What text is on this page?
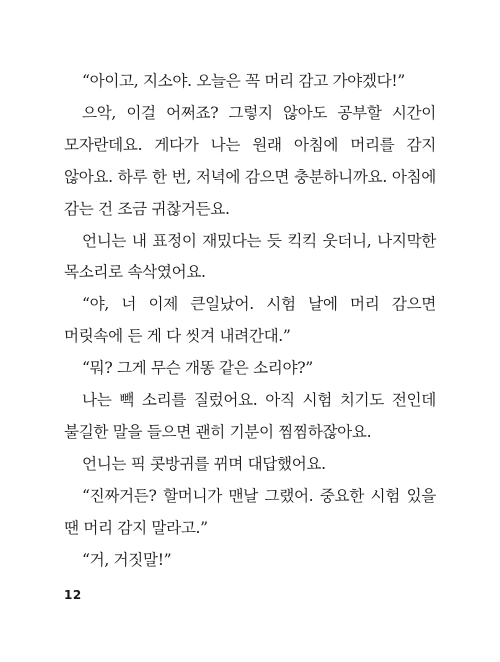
“아이고, 지소야. 오늘은 꼭 머리 감고 가야겠다!”

으악, 이걸 어쩌죠? 그렇지 않아도 공부할 시간이 모자란데요. 게다가 나는 원래 아침에 머리를 감지 않아요. 하루 한 번, 저녁에 감으면 충분하니까요. 아침에 감는 건 조금 귀찮거든요.

언니는 내 표정이 재밌다는 듯 킥킥 웃더니, 나지막한 목소리로 속삭였어요.

“야, 너 이제 큰일났어. 시험 날에 머리 감으면 머릿속에 든 게 다 씻겨 내려간대.”

“뭐? 그게 무슨 개똥 같은 소리야?”

나는 빽 소리를 질렀어요. 아직 시험 치기도 전인데 불길한 말을 들으면 괜히 기분이 찜찜하잖아요.

언니는 픽 콧방귀를 뀌며 대답했어요.

“진짜거든? 할머니가 맨날 그랬어. 중요한 시험 있을 땐 머리 감지 말라고.”

“거, 거짓말!”

12
